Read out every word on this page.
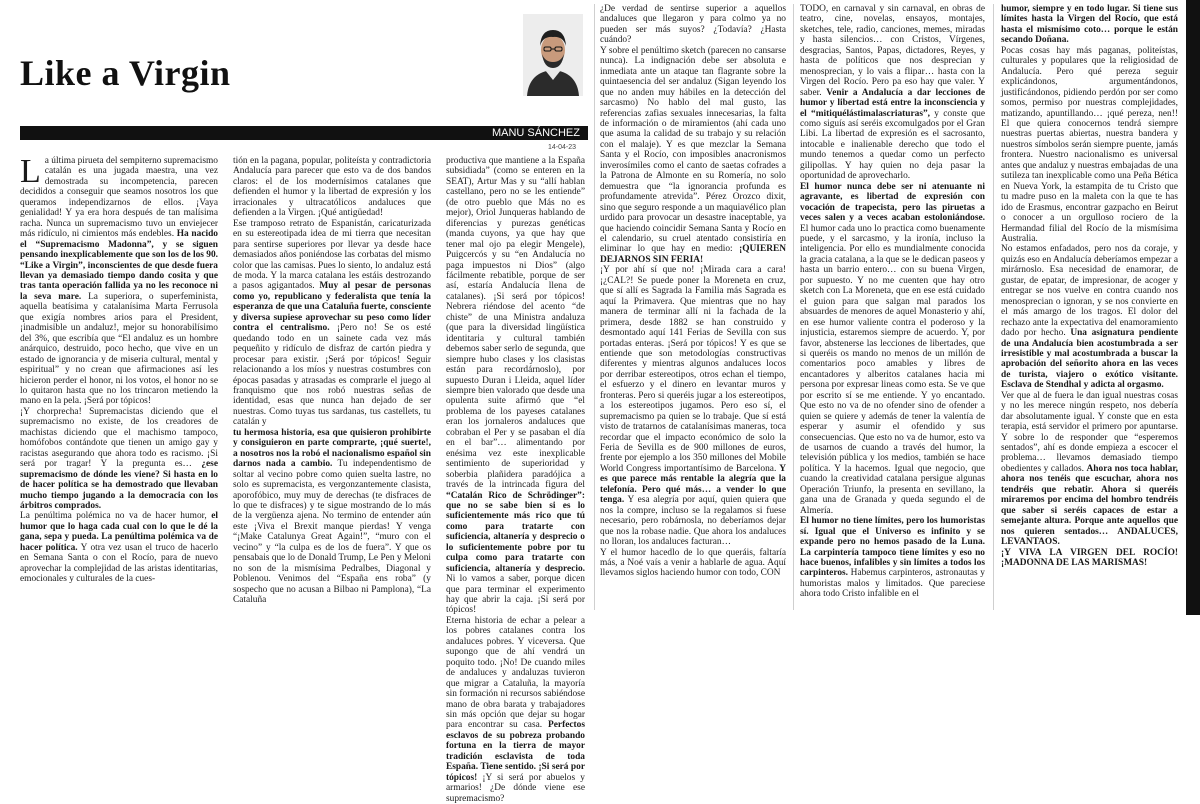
Like a Virgin
MANU SÁNCHEZ
14-04-23

La última pirueta del sempiterno supremacismo catalán es una jugada maestra, una vez demostrada su incompetencia, parecen decididos a conseguir que seamos nosotros los que queramos independizarnos de ellos. ¡Vaya genialidad! Y ya era hora después de tan malísima racha. Nunca un supremacismo tuvo un enviejecer más ridículo, ni cimientos más endebles. Ha nacido el “Supremacismo Madonna”, y se siguen pensando inexplicablemente que son los de los 90. “Like a Virgin”, inconscientes de que desde fuera llevan ya demasiado tiempo dando cosita y que tras tanta operación fallida ya no les reconoce ni la seva mare. La superiora, o superfeminista, aquella beatísima y catalanísima Marta Ferrusola que exigía nombres arios para el President, ¡inadmisible un andaluz!, mejor su honorabilísimo del 3%, que escribía que “El andaluz es un hombre anárquico, destruido, poco hecho, que vive en un estado de ignorancia y de miseria cultural, mental y espiritual” y no crean que afirmaciones así les hicieron perder el honor, ni los votos, el honor no se lo quitaron hasta que no los trincaron metiendo la mano en la pela. ¡Será por tópicos!

¡Y chorprecha! Supremacistas diciendo que el supremacismo no existe, de los creadores de machistas diciendo que el machismo tampoco, homófobos contándote que tienen un amigo gay y racistas asegurando que ahora todo es racismo. ¡Si será por tragar! Y la pregunta es… ¿ese supremacismo de dónde les viene? Si hasta en lo de hacer política se ha demostrado que llevaban mucho tiempo jugando a la democracia con los árbitros comprados.

La penúltima polémica no va de hacer humor, el humor que lo haga cada cual con lo que le dé la gana, sepa y pueda. La penúltima polémica va de hacer política. Y otra vez usan el truco de hacerlo en Semana Santa o con el Rocío, para de nuevo aprovechar la complejidad de las aristas identitarias, emocionales y culturales de la cues-

tión en la pagana, popular, politeísta y contradictoria Andalucía para parecer que esto va de dos bandos claros: el de los modernísimos catalanes que defienden el humor y la libertad de expresión y los irracionales y ultracatólicos andaluces que defienden a la Virgen. ¡Qué antigüedad!

Ese tramposo retrato de Espanistán, caricaturizada en su estereotipada idea de mi tierra que necesitan para sentirse superiores por llevar ya desde hace demasiados años poniéndose las corbatas del mismo color que las camisas. Pues lo siento, lo andaluz está de moda. Y la marca catalana les estáis destrozando a pasos agigantados. Muy al pesar de personas como yo, republicano y federalista que tenía la esperanza de que una Cataluña fuerte, consciente y diversa supiese aprovechar su peso como líder contra el centralismo. ¡Pero no! Se os esté quedando todo en un sainete cada vez más pequeñito y ridículo de disfraz de cartón piedra y procesar para existir. ¡Será por tópicos! Seguir relacionando a los míos y nuestras costumbres con épocas pasadas y atrasadas es comprarle el juego al franquismo que nos robó nuestras señas de identidad, esas que nunca han dejado de ser nuestras. Como tuyas tus sardanas, tus castellets, tu catalán y

tu hermosa historia, esa que quisieron prohibirte y consiguieron en parte comprarte, ¡qué suerte!, a nosotros nos la robó el nacionalismo español sin darnos nada a cambio. Tu independentismo de soltar al vecino pobre como quien suelta lastre, no solo es supremacista, es vergonzantemente clasista, aporofóbico, muy muy de derechas (te disfraces de lo que te disfraces) y te sigue mostrando de lo más de la vergüenza ajena. No termino de entender aún este ¡Viva el Brexit manque pierdas! Y venga “¡Make Catalunya Great Again!”, “muro con el vecino” y “la culpa es de los de fuera”. Y que os pensabais que lo de Donald Trump, Le Pen y Meloni no son de la mismísima Pedralbes, Diagonal y Poblenou. Venimos del “España ens roba” (y sospecho que no acusan a Bilbao ni Pamplona), “La Cataluña

productiva que mantiene a la España subsidiada” (como se enteren en la SEAT), Artur Mas y su “allí hablan castellano, pero no se les entiende” (de otro pueblo que Más no es mejor), Oriol Junqueras hablando de diferencias y purezas genéticas (manda cuyons, ya que hay que tener mal ojo pa elegir Mengele), Puigcercós y su “en Andalucía no paga impuestos ni Dios” (algo fácilmente rebatible, porque de ser así, estaría Andalucía llena de catalanes). ¡Si será por tópicos! Nebrera riéndose del acento “de chiste” de una Ministra andaluza (que para la diversidad lingüística identitaria y cultural también debemos saber serlo de segunda, que siempre hubo clases y los clasistas están para recordárnoslo), por supuesto Duran i Lleida, aquel líder siempre bien valorado que desde una opulenta suite afirmó que “el problema de los payeses catalanes eran los jornaleros andaluces que cobraban el Per y se pasaban el día en el bar”… alimentando por enésima vez este inexplicable sentimiento de superioridad y soberbia plañidera paradójica a través de la intrincada figura del “Catalán Rico de Schrödinger”: que no se sabe bien si es lo suficientemente más rico que tú como para tratarte con suficiencia, altanería y desprecio o lo suficientemente pobre por tu culpa como para tratarte con suficiencia, altanería y desprecio. Ni lo vamos a saber, porque dicen que para terminar el experimento hay que abrir la caja. ¡Si será por tópicos!

Eterna historia de echar a pelear a los pobres catalanes contra los andaluces pobres. Y viceversa. Que supongo que de ahí vendrá un poquito todo. ¡No! De cuando miles de andaluces y andaluzas tuvieron que migrar a Cataluña, la mayoría sin formación ni recursos sabiéndose mano de obra barata y trabajadores sin más opción que dejar su hogar para encontrar su casa. Perfectos esclavos de su pobreza probando fortuna en la tierra de mayor tradición esclavista de toda España. Tiene sentido. ¡Si será por tópicos! ¡Y si será por abuelos y armarios! ¿De dónde viene ese supremacismo?

¿De verdad de sentirse superior a aquellos andaluces que llegaron y para colmo ya no pueden ser más suyos? ¿Todavía? ¿Hasta cuándo?

Y sobre el penúltimo sketch (parecen no cansarse nunca). La indignación debe ser absoluta e inmediata ante un ataque tan flagrante sobre la quintaesencia del ser andaluz (Sigan leyendo los que no anden muy hábiles en la detección del sarcasmo) No hablo del mal gusto, las referencias zafias sexuales innecesarias, la falta de información o de miramientos (ahí cada uno que asuma la calidad de su trabajo y su relación con el malaje). Y es que mezclar la Semana Santa y el Rocío, con imposibles anacronismos inverosímiles como el canto de saetas cofrades a la Patrona de Almonte en su Romería, no solo demuestra que “la ignorancia profunda es profundamente atrevida”. Pérez Orozco dixit, sino que seguro responde a un maquiavélico plan urdido para provocar un desastre inaceptable, ya que haciendo coincidir Semana Santa y Rocío en el calendario, su cruel atentado consistiría en eliminar lo que hay en medio: ¡QUIEREN DEJARNOS SIN FERIA!

¡Y por ahí sí que no! ¡Mirada cara a cara! ¡¿CAL?! Se puede poner la Moreneta en cruz, que sí allí es Sagrada la Familia más Sagrada es aquí la Primavera. Que mientras que no hay manera de terminar allí ni la fachada de la primera, desde 1882 se han construido y desmontado aquí 141 Ferias de Sevilla con sus portadas enteras. ¡Será por tópicos! Y es que se entiende que son metodologías constructivas diferentes y mientras algunos andaluces locos por derribar estereotipos, otros echan el tiempo, el esfuerzo y el dinero en levantar muros y fronteras. Pero si queréis jugar a los estereotipos, a los estereotipos jugamos. Pero eso sí, el supremacismo pa quien se lo trabaje. Que sí está visto de tratarnos de catalanísimas maneras, toca recordar que el impacto económico de solo la Feria de Sevilla es de 900 millones de euros, frente por ejemplo a los 350 millones del Mobile World Congress importantísimo de Barcelona. Y es que parece más rentable la alegría que la telefonía. Pero qué más… a vender lo que tenga. Y esa alegría por aquí, quien quiera que nos la compre, incluso se la regalamos si fuese necesario, pero robárnosla, no deberíamos dejar que nos la robase nadie. Que ahora los andaluces no lloran, los andaluces facturan…

Y el humor hacedlo de lo que queráis, faltaría más, a Noé vaís a venir a hablarle de agua. Aquí llevamos siglos haciendo humor con todo, CON

TODO, en carnaval y sin carnaval, en obras de teatro, cine, novelas, ensayos, montajes, sketches, tele, radio, canciones, memes, miradas y hasta silencios… con Cristos, Vírgenes, desgracias, Santos, Papas, dictadores, Reyes, y hasta de políticos que nos desprecian y menosprecian, y lo vais a flipar… hasta con la Virgen del Rocío. Pero pa eso hay que valer. Y saber. Venir a Andalucía a dar lecciones de humor y libertad está entre la inconsciencia y el “mitiquélástimalascriaturas”, y conste que como siguís así seréis excomulgados por el Gran Libi. La libertad de expresión es el sacrosanto, intocable e inalienable derecho que todo el mundo tenemos a quedar como un perfecto gilipollas. Y hay quien no deja pasar la oportunidad de aprovecharlo.

El humor nunca debe ser ni atenuante ni agravante, es libertad de expresión con vocación de trapecista, pero las piruetas a veces salen y a veces acaban estoloniándose. El humor cada uno lo practica como buenamente puede, y el sarcasmo, y la ironía, incluso la inteligencia. Por ello es mundialmente conocida la gracia catalana, a la que se le dedican paseos y hasta un barrio entero… con su buena Virgen, por supuesto. Y no me cuenten que hay otro sketch con La Moreneta, que en ese está cuidado el guion para que salgan mal parados los absuardes de menores de aquel Monasterio y ahí, en ese humor valiente contra el poderoso y la injusticia, estaremos siempre de acuerdo. Y, por favor, abstenerse las lecciones de libertades, que si queréis os mando no menos de un millón de comentarios poco amables y libres de encantadores y alberitos catalanes hacia mi persona por expresar lineas como esta. Se ve que por escrito sí se me entiende. Y yo encantado. Que esto no va de no ofender sino de ofender a quien se quiere y además de tener la valentía de esperar y asumir el ofendido y sus consecuencias. Que esto no va de humor, esto va de usarnos de cuando a través del humor, la televisión pública y los medios, también se hace política. Y la hacemos. Igual que negocio, que cuando la creatividad catalana persigue algunas Operación Triunfo, la presenta en sevillano, la gana una de Granada y queda segundo el de Almería.

El humor no tiene límites, pero los humoristas sí. Igual que el Universo es infinito y se expande pero no hemos pasado de la Luna. La carpintería tampoco tiene límites y eso no hace buenos, infalibles y sin límites a todos los carpinteros. Habemus carpinteros, astronautas y humoristas malos y limitados. Que pareciese ahora todo Cristo infalible en el

humor, siempre y en todo lugar. Si tiene sus límites hasta la Virgen del Rocío, que está hasta el mismísimo coto… porque le están secando Doñana.

Pocas cosas hay más paganas, politeístas, culturales y populares que la religiosidad de Andalucía. Pero qué pereza seguir explicándonos, argumentándonos, justificándonos, pidiendo perdón por ser como somos, permiso por nuestras complejidades, matizando, apuntillando… ¡qué pereza, nen!! El que quiera conocernos tendrá siempre nuestras puertas abiertas, nuestra bandera y nuestros símbolos serán siempre puente, jamás frontera. Nuestro nacionalismo es universal antes que andaluz y nuestras embajadas de una sutileza tan inexplicable como una Peña Bética en Nueva York, la estampita de tu Cristo que tu madre puso en la maleta con la que te has ido de Erasmus, encontrar gazpacho en Beirut o conocer a un orgulloso rociero de la Hermandad filial del Rocío de la mismísima Australia.

No estamos enfadados, pero nos da coraje, y quizás eso en Andalucía deberíamos empezar a mirárnoslo. Esa necesidad de enamorar, de gustar, de epatar, de impresionar, de acoger y entregar se nos vuelve en contra cuando nos menosprecian o ignoran, y se nos convierte en el más amargo de los tragos. El dolor del rechazo ante la expectativa del enamoramiento dado por hecho. Una asignatura pendiente de una Andalucía bien acostumbrada a ser irresistible y mal acostumbrada a buscar la aprobación del señorito ahora en las veces de turista, viajero o exótico visitante. Esclava de Stendhal y adicta al orgasmo.

Ver que al de fuera le dan igual nuestras cosas y no les merece ningún respeto, nos debería dar absolutamente igual. Y conste que en esta terapia, está servidor el primero por apuntarse. Y sobre lo de responder que “esperemos sentados”, ahí es donde empieza a escocer el problema… llevamos demasiado tiempo obedientes y callados. Ahora nos toca hablar, ahora nos tenéis que escuchar, ahora nos tendréis que rebatir. Ahora si queréis miraremos por encima del hombro tendréis que saber si seréis capaces de estar a semejante altura. Porque ante aquellos que nos quieren sentados… ANDALUCES, LEVANTAOS.

¡Y VIVA LA VIRGEN DEL ROCÍO! ¡MADONNA DE LAS MARISMAS!
